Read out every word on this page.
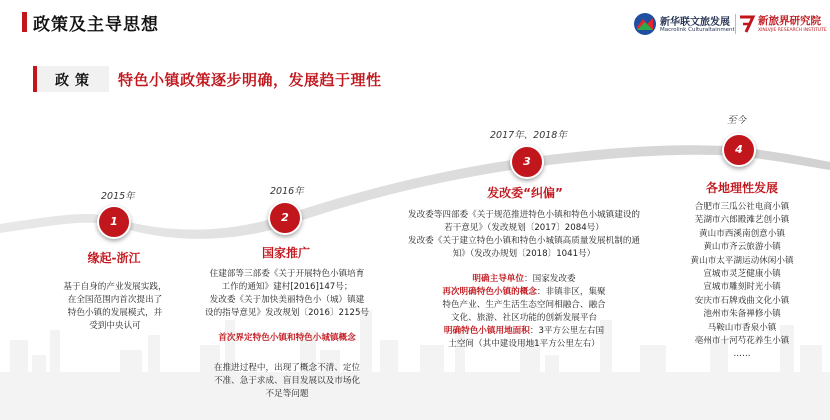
政策及主导思想	新华联文旅发展
Macrolink Culturaltainment
新旅界研究院
XINLVJIE RESEARCH INSTITUTE
政策	特色小镇政策逐步明确，发展趋于理性
2015年
1
缘起-浙江
基于自身的产业发展实践，
在全国范围内首次提出了
特色小镇的发展模式，并
受到中央认可
2016年
2
国家推广
住建部等三部委《关于开展特色小镇培育
工作的通知》建村[2016]147号；
发改委《关于加快美丽特色小（城）镇建
设的指导意见》发改规划〔2016〕2125号
首次界定特色小镇和特色小城镇概念
在推进过程中，出现了概念不清、定位
不准、急于求成、盲目发展以及市场化
不足等问题
2017年、2018年
3
发改委“纠偏”
发改委等四部委《关于规范推进特色小镇和特色小城镇建设的
若干意见》（发改规划〔2017〕2084号）
发改委《关于建立特色小镇和特色小城镇高质量发展机制的通
知》（发改办规划〔2018〕1041号）
明确主导单位：国家发改委
再次明确特色小镇的概念：非镇非区，集聚
特色产业、生产生活生态空间相融合、融合
文化、旅游、社区功能的创新发展平台
明确特色小镇用地面积：3平方公里左右国
土空间（其中建设用地1平方公里左右）
至今
4
各地理性发展
合肥市三瓜公社电商小镇
芜湖市六郎殿滩艺创小镇
黄山市西溪南创意小镇
黄山市齐云旅游小镇
黄山市太平湖运动休闲小镇
宣城市灵芝健康小镇
宣城市雕刻时光小镇
安庆市石牌戏曲文化小镇
池州市朱备禅修小镇
马鞍山市香泉小镇
亳州市十河芍花养生小镇
……
